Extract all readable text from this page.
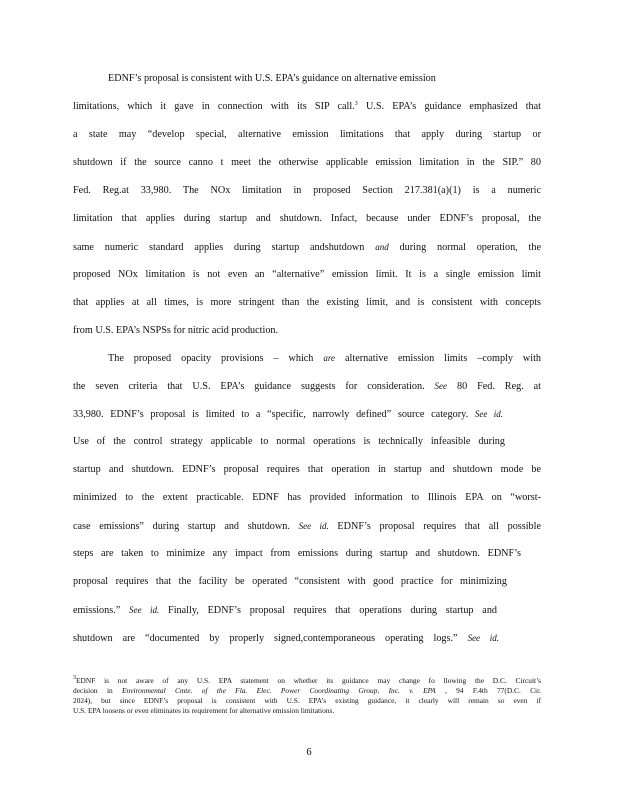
EDNF’s proposal is consistent with U.S. EPA’s guidance on alternative emission
limitations, which it gave in connection with its SIP call.$^3$ U.S. EPA’s guidance emphasized that
a state may “develop special, alternative emission limitations that apply during startup or
shutdown if the source canno t meet the otherwise applicable emission limitation in the SIP.” 80
Fed. Reg.at 33,980. The NOx limitation in proposed Section 217.381(a)(1) is a numeric
limitation that applies during startup and shutdown. Infact, because under EDNF’s proposal, the
same numeric standard applies during startup andshutdown and during normal operation, the
proposed NOx limitation is not even an “alternative” emission limit. It is a single emission limit
that applies at all times, is more stringent than the existing limit, and is consistent with concepts
from U.S. EPA’s NSPSs for nitric acid production.
The proposed opacity provisions – which are alternative emission limits –comply with
the seven criteria that U.S. EPA’s guidance suggests for consideration. See 80 Fed. Reg. at
33,980. EDNF’s proposal is limited to a “specific, narrowly defined” source category. See id.
Use of the control strategy applicable to normal operations is technically infeasible during
startup and shutdown. EDNF’s proposal requires that operation in startup and shutdown mode be
minimized to the extent practicable. EDNF has provided information to Illinois EPA on “worst-
case emissions” during startup and shutdown. See id. EDNF’s proposal requires that all possible
steps are taken to minimize any impact from emissions during startup and shutdown. EDNF’s
proposal requires that the facility be operated “consistent with good practice for minimizing
emissions.” See id. Finally, EDNF’s proposal requires that operations during startup and
shutdown are “documented by properly signed,contemporaneous operating logs.” See id.
$^3$EDNF is not aware of any U.S. EPA statement on whether its guidance may change fo llowing the D.C. Circuit’s
decision in Environmental Cmte. of the Fla. Elec. Power Coordinating Group, Inc. v. EPA , 94 F.4th 77(D.C. Cir.
2024), but since EDNF’s proposal is consistent with U.S. EPA’s existing guidance, it clearly will remain so even if
U.S. EPA loosens or even eliminates its requirement for alternative emission limitations.
6
